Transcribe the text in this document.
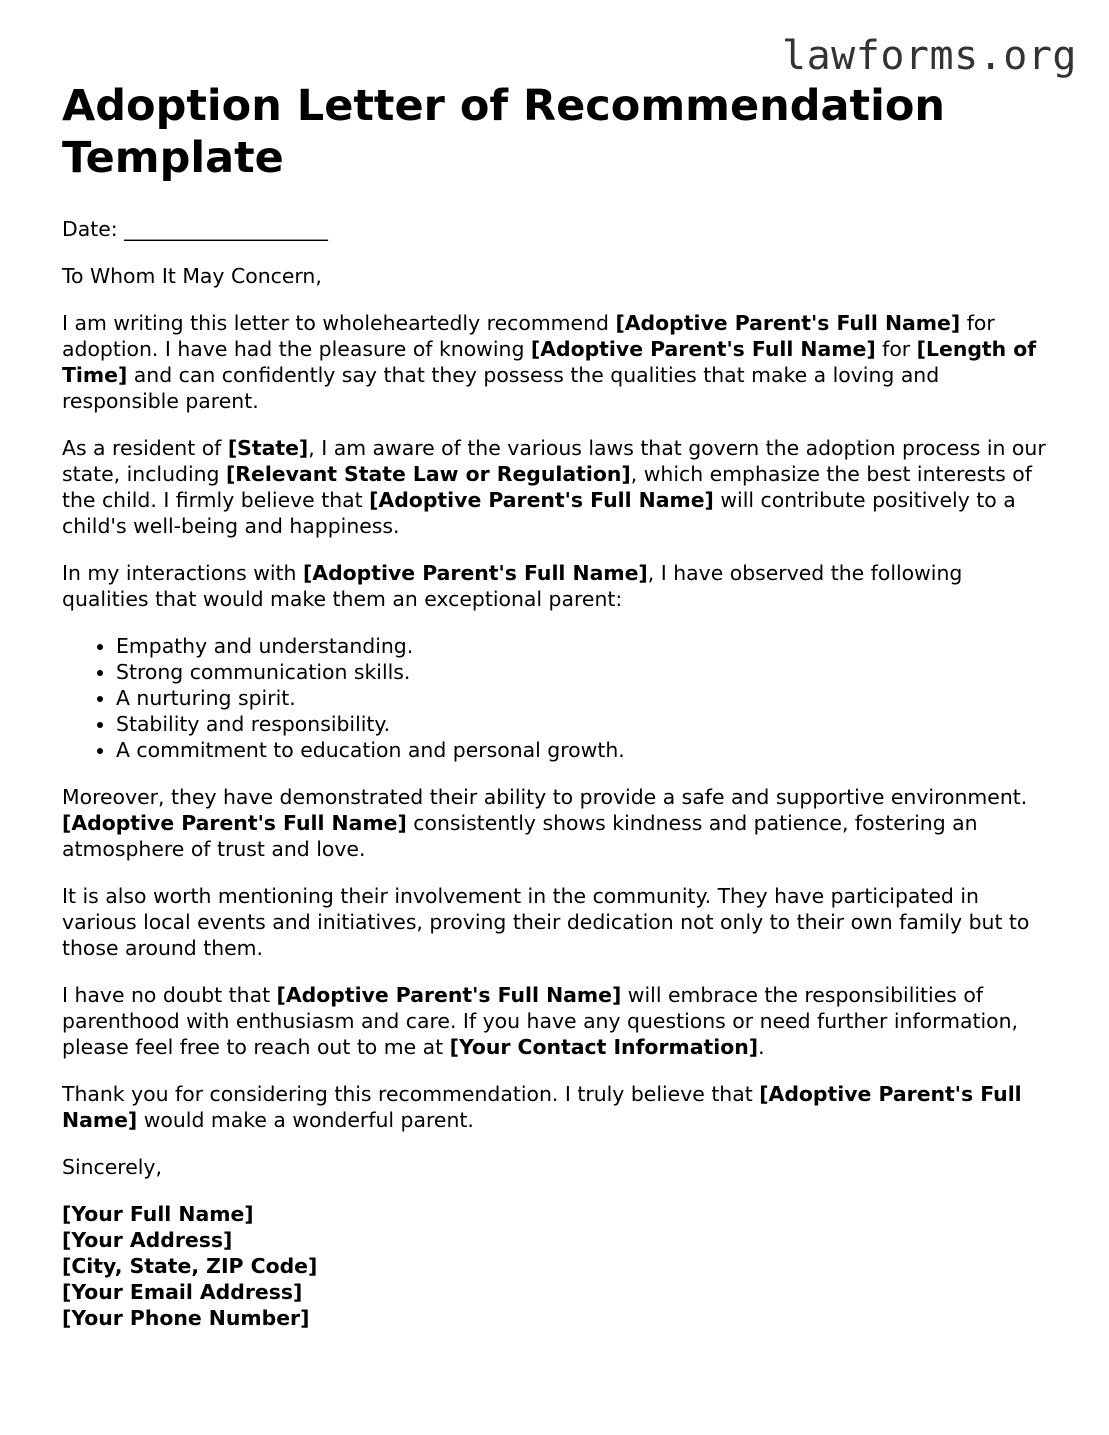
lawforms.org
Adoption Letter of Recommendation Template
Date: ____________________
To Whom It May Concern,

I am writing this letter to wholeheartedly recommend [Adoptive Parent's Full Name] for adoption. I have had the pleasure of knowing [Adoptive Parent's Full Name] for [Length of Time] and can confidently say that they possess the qualities that make a loving and responsible parent.

As a resident of [State], I am aware of the various laws that govern the adoption process in our state, including [Relevant State Law or Regulation], which emphasize the best interests of the child. I firmly believe that [Adoptive Parent's Full Name] will contribute positively to a child's well-being and happiness.

In my interactions with [Adoptive Parent's Full Name], I have observed the following qualities that would make them an exceptional parent:

• Empathy and understanding.
• Strong communication skills.
• A nurturing spirit.
• Stability and responsibility.
• A commitment to education and personal growth.

Moreover, they have demonstrated their ability to provide a safe and supportive environment. [Adoptive Parent's Full Name] consistently shows kindness and patience, fostering an atmosphere of trust and love.

It is also worth mentioning their involvement in the community. They have participated in various local events and initiatives, proving their dedication not only to their own family but to those around them.

I have no doubt that [Adoptive Parent's Full Name] will embrace the responsibilities of parenthood with enthusiasm and care. If you have any questions or need further information, please feel free to reach out to me at [Your Contact Information].

Thank you for considering this recommendation. I truly believe that [Adoptive Parent's Full Name] would make a wonderful parent.

Sincerely,
[Your Full Name]
[Your Address]
[City, State, ZIP Code]
[Your Email Address]
[Your Phone Number]
